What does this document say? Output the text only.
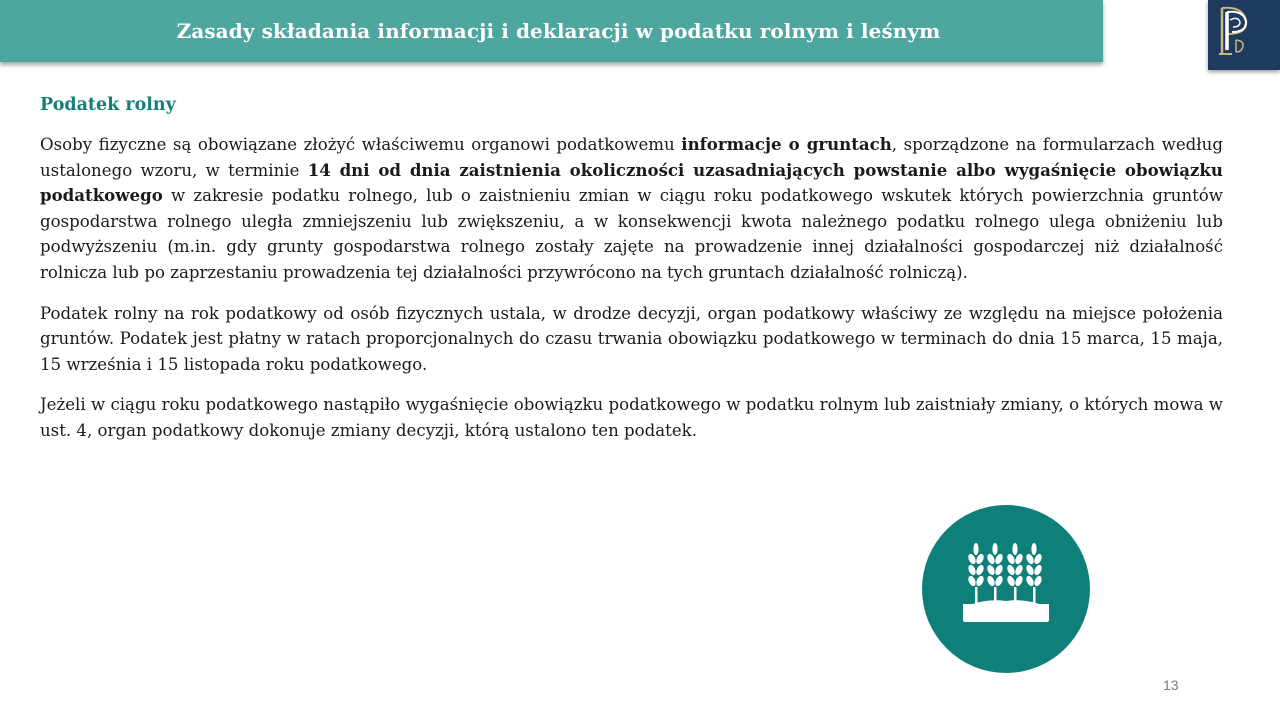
Zasady składania informacji i deklaracji w podatku rolnym i leśnym
Podatek rolny

Osoby fizyczne są obowiązane złożyć właściwemu organowi podatkowemu informacje o gruntach, sporządzone na formularzach według ustalonego wzoru, w terminie 14 dni od dnia zaistnienia okoliczności uzasadniających powstanie albo wygaśnięcie obowiązku podatkowego w zakresie podatku rolnego, lub o zaistnieniu zmian w ciągu roku podatkowego wskutek których powierzchnia gruntów gospodarstwa rolnego uległa zmniejszeniu lub zwiększeniu, a w konsekwencji kwota należnego podatku rolnego ulega obniżeniu lub podwyższeniu (m.in. gdy grunty gospodarstwa rolnego zostały zajęte na prowadzenie innej działalności gospodarczej niż działalność rolnicza lub po zaprzestaniu prowadzenia tej działalności przywrócono na tych gruntach działalność rolniczą).

Podatek rolny na rok podatkowy od osób fizycznych ustala, w drodze decyzji, organ podatkowy właściwy ze względu na miejsce położenia gruntów. Podatek jest płatny w ratach proporcjonalnych do czasu trwania obowiązku podatkowego w terminach do dnia 15 marca, 15 maja, 15 września i 15 listopada roku podatkowego.

Jeżeli w ciągu roku podatkowego nastąpiło wygaśnięcie obowiązku podatkowego w podatku rolnym lub zaistniały zmiany, o których mowa w ust. 4, organ podatkowy dokonuje zmiany decyzji, którą ustalono ten podatek.

13
